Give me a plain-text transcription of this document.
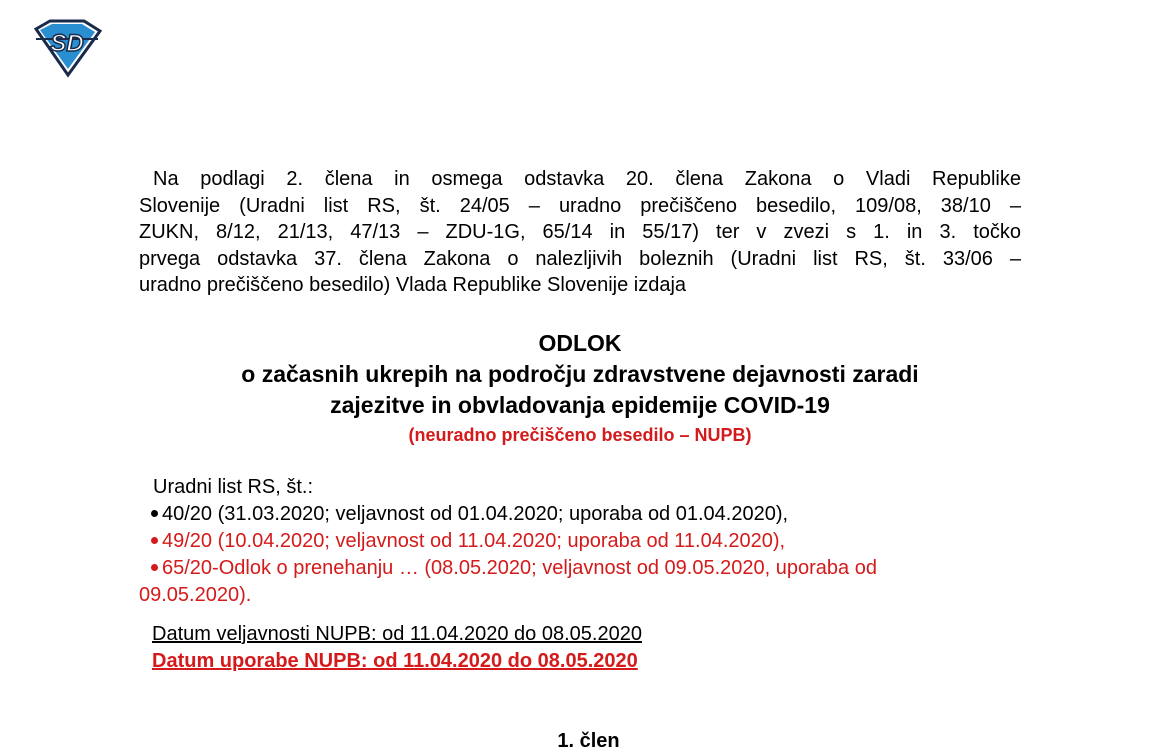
SD
Na podlagi 2. člena in osmega odstavka 20. člena Zakona o Vladi Republike
Slovenije (Uradni list RS, št. 24/05 – uradno prečiščeno besedilo, 109/08, 38/10 –
ZUKN, 8/12, 21/13, 47/13 – ZDU-1G, 65/14 in 55/17) ter v zvezi s 1. in 3. točko
prvega odstavka 37. člena Zakona o nalezljivih boleznih (Uradni list RS, št. 33/06 –
uradno prečiščeno besedilo) Vlada Republike Slovenije izdaja
ODLOK
o začasnih ukrepih na področju zdravstvene dejavnosti zaradi
zajezitve in obvladovanja epidemije COVID-19
(neuradno prečiščeno besedilo – NUPB)
Uradni list RS, št.:
40/20 (31.03.2020; veljavnost od 01.04.2020; uporaba od 01.04.2020),
49/20 (10.04.2020; veljavnost od 11.04.2020; uporaba od 11.04.2020),
65/20-Odlok o prenehanju … (08.05.2020; veljavnost od 09.05.2020, uporaba od
09.05.2020).
Datum veljavnosti NUPB: od 11.04.2020 do 08.05.2020
Datum uporabe NUPB: od 11.04.2020 do 08.05.2020
1. člen
